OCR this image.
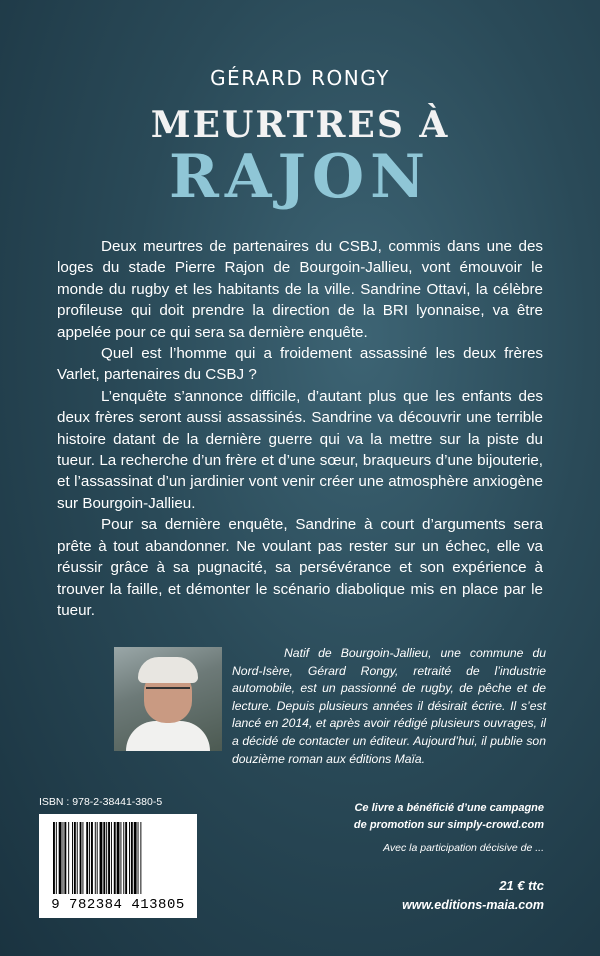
GÉRARD RONGY
MEURTRES À
RAJON

Deux meurtres de partenaires du CSBJ, commis dans une des loges du stade Pierre Rajon de Bourgoin-Jallieu, vont émouvoir le monde du rugby et les habitants de la ville. Sandrine Ottavi, la célèbre profileuse qui doit prendre la direction de la BRI lyonnaise, va être appelée pour ce qui sera sa dernière enquête.

Quel est l’homme qui a froidement assassiné les deux frères Varlet, partenaires du CSBJ ?

L’enquête s’annonce difficile, d’autant plus que les enfants des deux frères seront aussi assassinés. Sandrine va découvrir une terrible histoire datant de la dernière guerre qui va la mettre sur la piste du tueur. La recherche d’un frère et d’une sœur, braqueurs d’une bijouterie, et l’assassinat d’un jardinier vont venir créer une atmosphère anxiogène sur Bourgoin-Jallieu.

Pour sa dernière enquête, Sandrine à court d’arguments sera prête à tout abandonner. Ne voulant pas rester sur un échec, elle va réussir grâce à sa pugnacité, sa persévérance et son expérience à trouver la faille, et démonter le scénario diabolique mis en place par le tueur.

Natif de Bourgoin-Jallieu, une commune du Nord-Isère, Gérard Rongy, retraité de l’industrie automobile, est un passionné de rugby, de pêche et de lecture. Depuis plusieurs années il désirait écrire. Il s’est lancé en 2014, et après avoir rédigé plusieurs ouvrages, il a décidé de contacter un éditeur. Aujourd’hui, il publie son douzième roman aux éditions Maïa.

ISBN : 978-2-38441-380-5
9 782384 413805
Ce livre a bénéficié d’une campagne
de promotion sur simply-crowd.com
Avec la participation décisive de ...
21 € ttc
www.editions-maia.com
